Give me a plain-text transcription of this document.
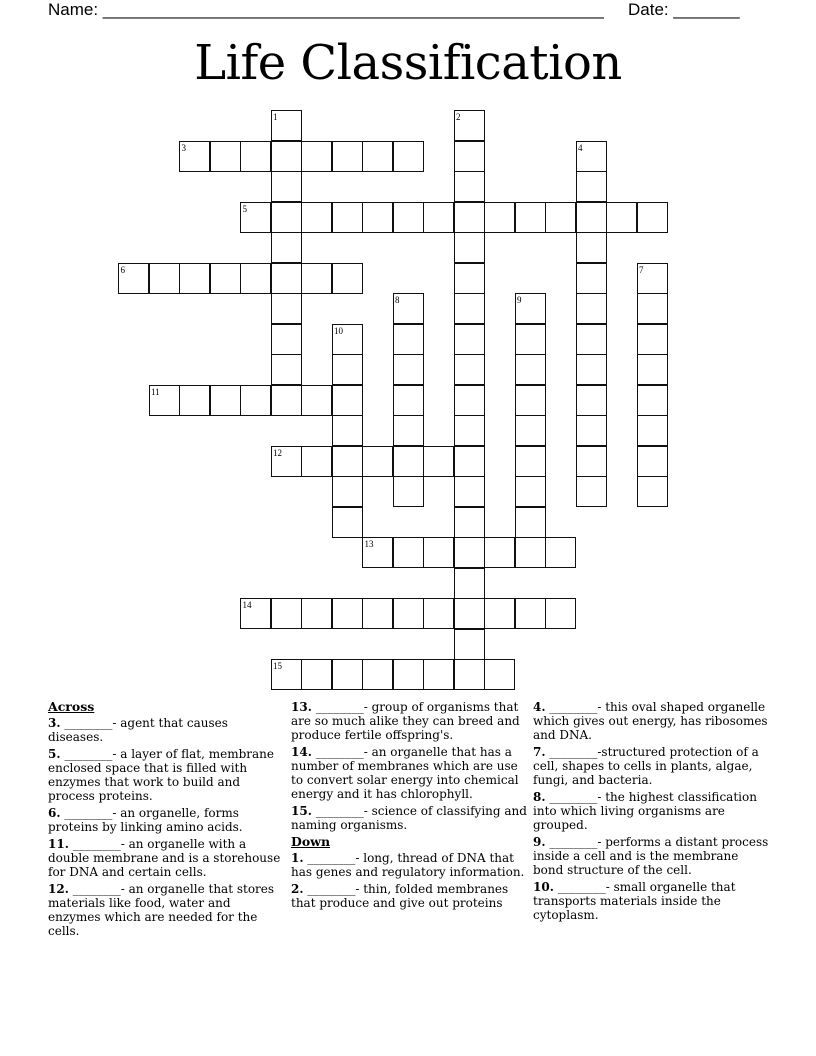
Name: _____________________________________________________ Date: _______
Life Classification
3
5
6
11
12
13
14
15
1	2
4
7
8	9
10
Across
3. ________- agent that causes diseases.
5. ________- a layer of flat, membrane enclosed space that is filled with enzymes that work to build and process proteins.
6. ________- an organelle, forms proteins by linking amino acids.
11. ________- an organelle with a double membrane and is a storehouse for DNA and certain cells.
12. ________- an organelle that stores materials like food, water and enzymes which are needed for the cells.
13. ________- group of organisms that are so much alike they can breed and produce fertile offspring's.
14. ________- an organelle that has a number of membranes which are use to convert solar energy into chemical energy and it has chlorophyll.
15. ________- science of classifying and naming organisms.
Down
1. ________- long, thread of DNA that has genes and regulatory information.
2. ________- thin, folded membranes that produce and give out proteins
4. ________- this oval shaped organelle which gives out energy, has ribosomes and DNA.
7. ________-structured protection of a cell, shapes to cells in plants, algae, fungi, and bacteria.
8. ________- the highest classification into which living organisms are grouped.
9. ________- performs a distant process inside a cell and is the membrane bond structure of the cell.
10. ________- small organelle that transports materials inside the cytoplasm.
